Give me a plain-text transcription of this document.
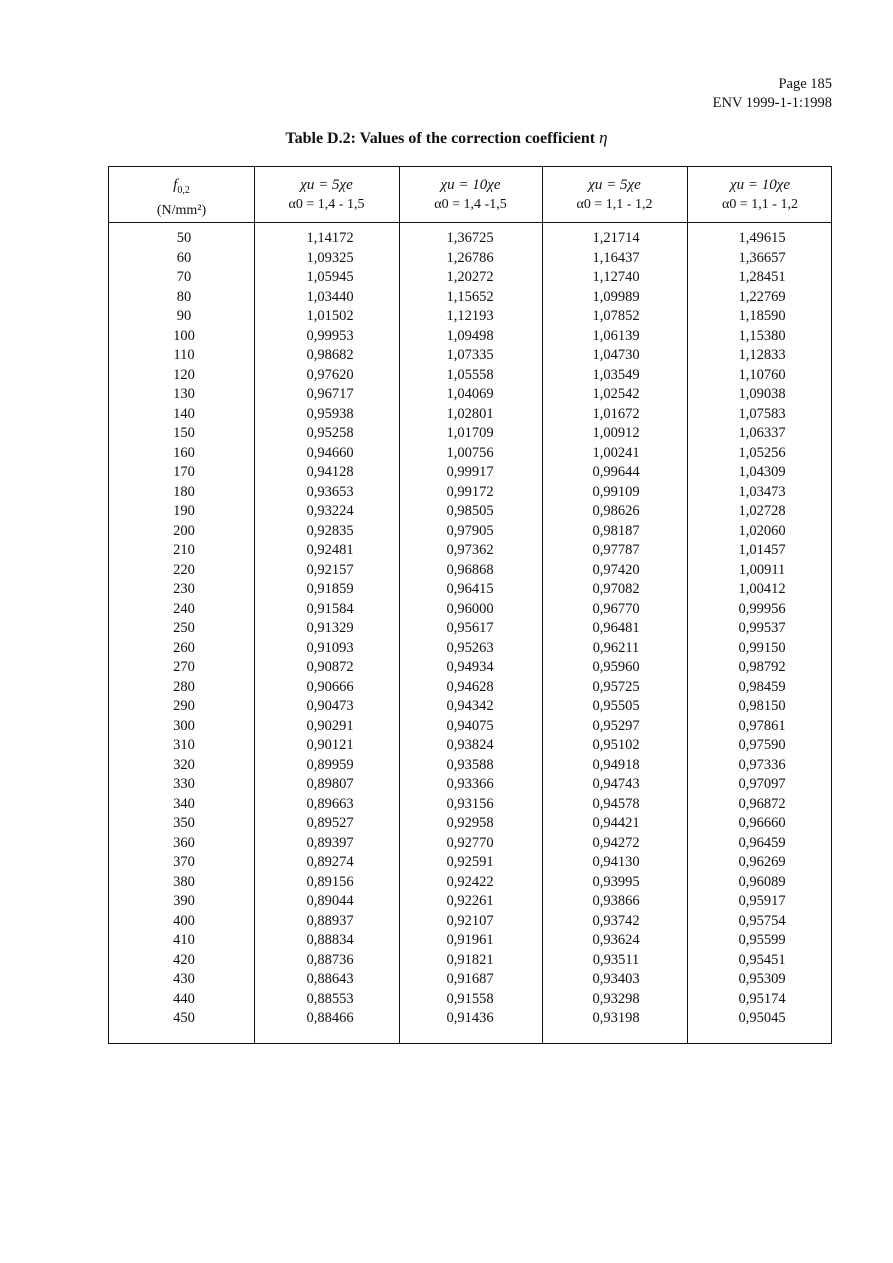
Page 185
ENV 1999-1-1:1998
Table D.2: Values of the correction coefficient η
$f_{0,2}$
(N/mm²)
χu = 5χe
α0 = 1,4 - 1,5
χu = 10χe
α0 = 1,4 -1,5
χu = 5χe
α0 = 1,1 - 1,2
χu = 10χe
α0 = 1,1 - 1,2
50
60
70
80
90
100
110
120
130
140
150
160
170
180
190
200
210
220
230
240
250
260
270
280
290
300
310
320
330
340
350
360
370
380
390
400
410
420
430
440
450
1,14172
1,09325
1,05945
1,03440
1,01502
0,99953
0,98682
0,97620
0,96717
0,95938
0,95258
0,94660
0,94128
0,93653
0,93224
0,92835
0,92481
0,92157
0,91859
0,91584
0,91329
0,91093
0,90872
0,90666
0,90473
0,90291
0,90121
0,89959
0,89807
0,89663
0,89527
0,89397
0,89274
0,89156
0,89044
0,88937
0,88834
0,88736
0,88643
0,88553
0,88466
1,36725
1,26786
1,20272
1,15652
1,12193
1,09498
1,07335
1,05558
1,04069
1,02801
1,01709
1,00756
0,99917
0,99172
0,98505
0,97905
0,97362
0,96868
0,96415
0,96000
0,95617
0,95263
0,94934
0,94628
0,94342
0,94075
0,93824
0,93588
0,93366
0,93156
0,92958
0,92770
0,92591
0,92422
0,92261
0,92107
0,91961
0,91821
0,91687
0,91558
0,91436
1,21714
1,16437
1,12740
1,09989
1,07852
1,06139
1,04730
1,03549
1,02542
1,01672
1,00912
1,00241
0,99644
0,99109
0,98626
0,98187
0,97787
0,97420
0,97082
0,96770
0,96481
0,96211
0,95960
0,95725
0,95505
0,95297
0,95102
0,94918
0,94743
0,94578
0,94421
0,94272
0,94130
0,93995
0,93866
0,93742
0,93624
0,93511
0,93403
0,93298
0,93198
1,49615
1,36657
1,28451
1,22769
1,18590
1,15380
1,12833
1,10760
1,09038
1,07583
1,06337
1,05256
1,04309
1,03473
1,02728
1,02060
1,01457
1,00911
1,00412
0,99956
0,99537
0,99150
0,98792
0,98459
0,98150
0,97861
0,97590
0,97336
0,97097
0,96872
0,96660
0,96459
0,96269
0,96089
0,95917
0,95754
0,95599
0,95451
0,95309
0,95174
0,95045
